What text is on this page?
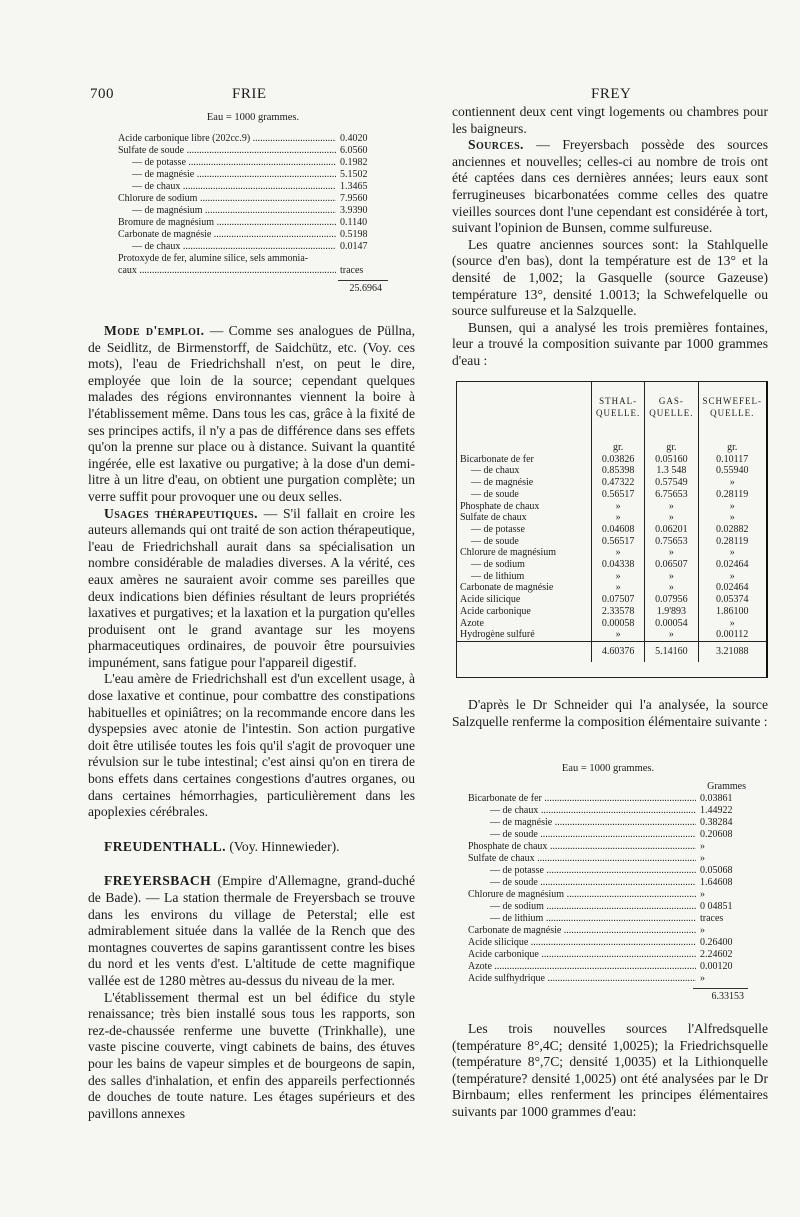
700	FRIE	FREY
Eau = 1000 grammes.
Acide carbonique libre (202cc.9) .....	0.4020
Sulfate de soude .....	6.0560
— de potasse .....	0.1982
— de magnésie .....	5.1502
— de chaux .....	1.3465
Chlorure de sodium .....	7.9560
— de magnésium .....	3.9390
Bromure de magnésium .....	0.1140
Carbonate de magnésie .....	0.5198
— de chaux .....	0.0147
Protoxyde de fer, alumine silice, sels ammonia-
caux .....	traces
25.6964

Mode d'emploi. — Comme ses analogues de Püllna, de Seidlitz, de Birmenstorff, de Saidchütz, etc. (Voy. ces mots), l'eau de Friedrichshall n'est, on peut le dire, employée que loin de la source; cependant quelques malades des régions environnantes viennent la boire à l'établissement même. Dans tous les cas, grâce à la fixité de ses principes actifs, il n'y a pas de différence dans ses effets qu'on la prenne sur place ou à distance. Suivant la quantité ingérée, elle est laxative ou purgative; à la dose d'un demi-litre à un litre d'eau, on obtient une purgation complète; un verre suffit pour provoquer une ou deux selles.

Usages thérapeutiques. — S'il fallait en croire les auteurs allemands qui ont traité de son action thérapeutique, l'eau de Friedrichshall aurait dans sa spécialisation un nombre considérable de maladies diverses. A la vérité, ces eaux amères ne sauraient avoir comme ses pareilles que deux indications bien définies résultant de leurs propriétés laxatives et purgatives; et la laxation et la purgation qu'elles produisent ont le grand avantage sur les moyens pharmaceutiques ordinaires, de pouvoir être poursuivies impunément, sans fatigue pour l'appareil digestif.

L'eau amère de Friedrichshall est d'un excellent usage, à dose laxative et continue, pour combattre des constipations habituelles et opiniâtres; on la recommande encore dans les dyspepsies avec atonie de l'intestin. Son action purgative doit être utilisée toutes les fois qu'il s'agit de provoquer une révulsion sur le tube intestinal; c'est ainsi qu'on en tirera de bons effets dans certaines congestions d'autres organes, ou dans certaines hémorrhagies, particulièrement dans les apoplexies cérébrales.

FREUDENTHALL. (Voy. Hinnewieder).

FREYERSBACH (Empire d'Allemagne, grand-duché de Bade). — La station thermale de Freyersbach se trouve dans les environs du village de Peterstal; elle est admirablement située dans la vallée de la Rench que des montagnes couvertes de sapins garantissent contre les bises du nord et les vents d'est. L'altitude de cette magnifique vallée est de 1280 mètres au-dessus du niveau de la mer.

L'établissement thermal est un bel édifice du style renaissance; très bien installé sous tous les rapports, son rez-de-chaussée renferme une buvette (Trinkhalle), une vaste piscine couverte, vingt cabinets de bains, des étuves pour les bains de vapeur simples et de bourgeons de sapin, des salles d'inhalation, et enfin des appareils perfectionnés de douches de toute nature. Les étages supérieurs et des pavillons annexes

contiennent deux cent vingt logements ou chambres pour les baigneurs.

Sources. — Freyersbach possède des sources anciennes et nouvelles; celles-ci au nombre de trois ont été captées dans ces dernières années; leurs eaux sont ferrugineuses bicarbonatées comme celles des quatre vieilles sources dont l'une cependant est considérée à tort, suivant l'opinion de Bunsen, comme sulfureuse.

Les quatre anciennes sources sont: la Stahlquelle (source d'en bas), dont la température est de 13° et la densité de 1,002; la Gasquelle (source Gazeuse) température 13°, densité 1.0013; la Schwefelquelle ou source sulfureuse et la Salzquelle.

Bunsen, qui a analysé les trois premières fontaines, leur a trouvé la composition suivante par 1000 grammes d'eau :

	STHAL-QUELLE.	GAS-QUELLE.	SCHWEFEL-QUELLE.
	gr.	gr.	gr.
Bicarbonate de fer	0.03826	0.05160	0.10117
— de chaux	0.85398	1.3 548	0.55940
— de magnésie	0.47322	0.57549	»
— de soude	0.56517	6.75653	0.28119
Phosphate de chaux	»	»	»
Sulfate de chaux	»	»	»
— de potasse	0.04608	0.06201	0.02882
— de soude	0.56517	0.75653	0.28119
Chlorure de magnésium	»	»	»
— de sodium	0.04338	0.06507	0.02464
— de lithium	»	»	»
Carbonate de magnésie	»	»	0.02464
Acide silicique	0.07507	0.07956	0.05374
Acide carbonique	2.33578	1.9'893	1.86100
Azote	0.00058	0.00054	»
Hydrogène sulfuré	»	»	0.00112
	4.60376	5.14160	3.21088

D'après le Dr Schneider qui l'a analysée, la source Salzquelle renferme la composition élémentaire suivante :

Eau = 1000 grammes.
Grammes
Bicarbonate de fer .....	0.03861
— de chaux .....	1.44922
— de magnésie .....	0.38284
— de soude .....	0.20608
Phosphate de chaux .....	»
Sulfate de chaux .....	»
— de potasse .....	0.05068
— de soude .....	1.64608
Chlorure de magnésium .....	»
— de sodium .....	0 04851
— de lithium .....	traces
Carbonate de magnésie .....	»
Acide silicique .....	0.26400
Acide carbonique .....	2.24602
Azote .....	0.00120
Acide sulfhydrique .....	»
6.33153

Les trois nouvelles sources l'Alfredsquelle (température 8°,4C; densité 1,0025); la Friedrichsquelle (température 8°,7C; densité 1,0035) et la Lithionquelle (température? densité 1,0025) ont été analysées par le Dr Birnbaum; elles renferment les principes élémentaires suivants par 1000 grammes d'eau:
